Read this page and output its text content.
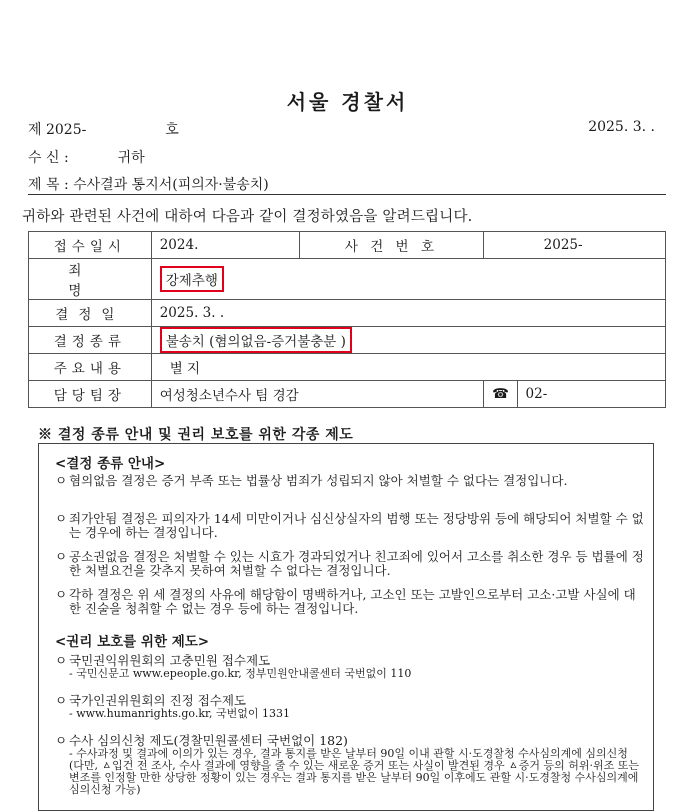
서울 경찰서
제 2025-	호	2025. 3. .
수 신 :	귀하
제 목 : 수사결과 통지서(피의자·불송치)
귀하와 관련된 사건에 대하여 다음과 같이 결정하였음을 알려드립니다.
접수일시	2024.	사 건 번 호	2025-	
죄 명	강제추행			
결정일	2025. 3. .			
결정종류	불송치 (혐의없음-증거불충분 )			
주요내용	별 지			
담당팀장	여성청소년수사 팀 경감		☎	02-
※ 결정 종류 안내 및 권리 보호를 위한 각종 제도
<결정 종류 안내>
ㅇ 혐의없음 결정은 증거 부족 또는 법률상 범죄가 성립되지 않아 처벌할 수 없다는 결정입니다.
ㅇ 죄가안됨 결정은 피의자가 14세 미만이거나 심신상실자의 범행 또는 정당방위 등에 해당되어 처벌할 수 없는 경우에 하는 결정입니다.
ㅇ 공소권없음 결정은 처벌할 수 있는 시효가 경과되었거나 친고죄에 있어서 고소를 취소한 경우 등 법률에 정한 처벌요건을 갖추지 못하여 처벌할 수 없다는 결정입니다.
ㅇ 각하 결정은 위 세 결정의 사유에 해당함이 명백하거나, 고소인 또는 고발인으로부터 고소·고발 사실에 대한 진술을 청취할 수 없는 경우 등에 하는 결정입니다.
<권리 보호를 위한 제도>
ㅇ 국민권익위원회의 고충민원 접수제도
- 국민신문고 www.epeople.go.kr, 정부민원안내콜센터 국번없이 110
ㅇ 국가인권위원회의 진정 접수제도
- www.humanrights.go.kr, 국번없이 1331
ㅇ 수사 심의신청 제도(경찰민원콜센터 국번없이 182)
- 수사과정 및 결과에 이의가 있는 경우, 결과 통지를 받은 날부터 90일 이내 관할 시·도경찰청 수사심의계에 심의신청 (다만, ㅿ입건 전 조사, 수사 결과에 영향을 줄 수 있는 새로운 증거 또는 사실이 발견된 경우 ㅿ증거 등의 허위·위조 또는 변조를 인정할 만한 상당한 정황이 있는 경우는 결과 통지를 받은 날부터 90일 이후에도 관할 시·도경찰청 수사심의계에 심의신청 가능)
